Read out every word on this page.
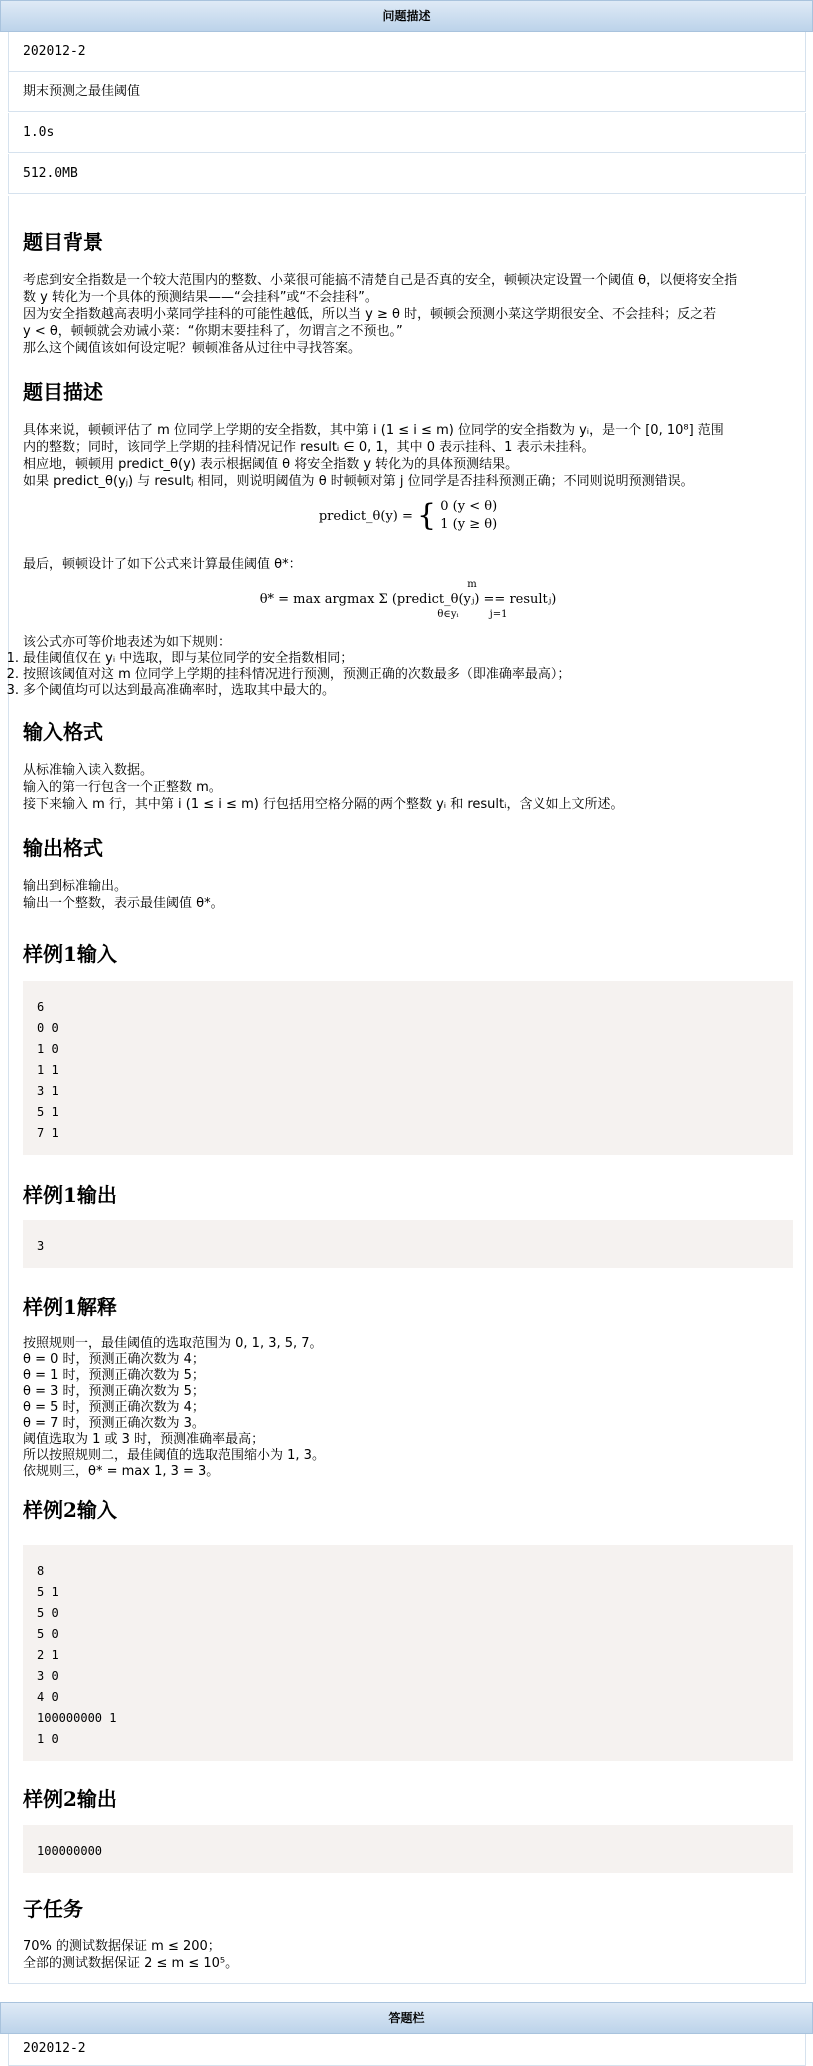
问题描述
202012-2
期末预测之最佳阈值
1.0s
512.0MB
题目背景

考虑到安全指数是一个较大范围内的整数、小菜很可能搞不清楚自己是否真的安全，顿顿决定设置一个阈值 θ，以便将安全指
数 y 转化为一个具体的预测结果——“会挂科”或“不会挂科”。
因为安全指数越高表明小菜同学挂科的可能性越低，所以当 y ≥ θ 时，顿顿会预测小菜这学期很安全、不会挂科；反之若
y < θ，顿顿就会劝诫小菜：“你期末要挂科了，勿谓言之不预也。”
那么这个阈值该如何设定呢？顿顿准备从过往中寻找答案。

题目描述

具体来说，顿顿评估了 m 位同学上学期的安全指数，其中第 i (1 ≤ i ≤ m) 位同学的安全指数为 yᵢ，是一个 [0, 10⁸] 范围
内的整数；同时，该同学上学期的挂科情况记作 resultᵢ ∈ 0, 1，其中 0 表示挂科、1 表示未挂科。
相应地，顿顿用 predict_θ(y) 表示根据阈值 θ 将安全指数 y 转化为的具体预测结果。
如果 predict_θ(yⱼ) 与 resultⱼ 相同，则说明阈值为 θ 时顿顿对第 j 位同学是否挂科预测正确；不同则说明预测错误。

predict_θ(y) = { 0 (y < θ)
1 (y ≥ θ)

最后，顿顿设计了如下公式来计算最佳阈值 θ*：

m
θ* = max argmax Σ (predict_θ(yⱼ) == resultⱼ)
θ∈yᵢ	j=1

该公式亦可等价地表述为如下规则：

1. 最佳阈值仅在 yᵢ 中选取，即与某位同学的安全指数相同；
2. 按照该阈值对这 m 位同学上学期的挂科情况进行预测，预测正确的次数最多（即准确率最高）；
3. 多个阈值均可以达到最高准确率时，选取其中最大的。
输入格式

从标准输入读入数据。
输入的第一行包含一个正整数 m。
接下来输入 m 行，其中第 i (1 ≤ i ≤ m) 行包括用空格分隔的两个整数 yᵢ 和 resultᵢ，含义如上文所述。

输出格式

输出到标准输出。
输出一个整数，表示最佳阈值 θ*。

样例1输入
6
0 0
1 0
1 1
3 1
5 1
7 1
样例1输出
3
样例1解释

按照规则一，最佳阈值的选取范围为 0, 1, 3, 5, 7。
θ = 0 时，预测正确次数为 4；
θ = 1 时，预测正确次数为 5；
θ = 3 时，预测正确次数为 5；
θ = 5 时，预测正确次数为 4；
θ = 7 时，预测正确次数为 3。
阈值选取为 1 或 3 时，预测准确率最高；
所以按照规则二，最佳阈值的选取范围缩小为 1, 3。
依规则三，θ* = max 1, 3 = 3。

样例2输入
8
5 1
5 0
5 0
2 1
3 0
4 0
100000000 1
1 0
样例2输出
100000000
子任务

70% 的测试数据保证 m ≤ 200；
全部的测试数据保证 2 ≤ m ≤ 10⁵。

答题栏
202012-2
